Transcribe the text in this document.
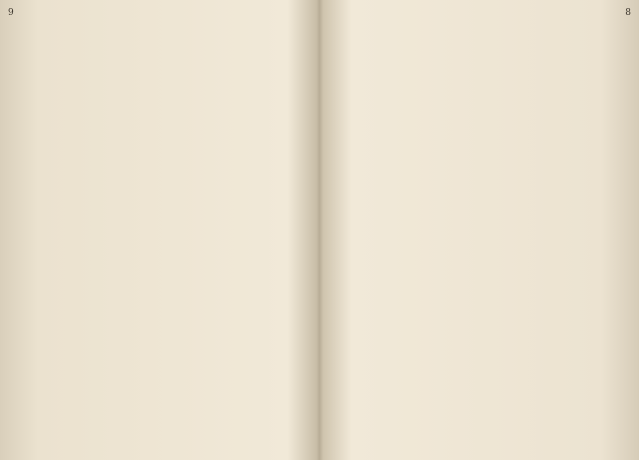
9	8
